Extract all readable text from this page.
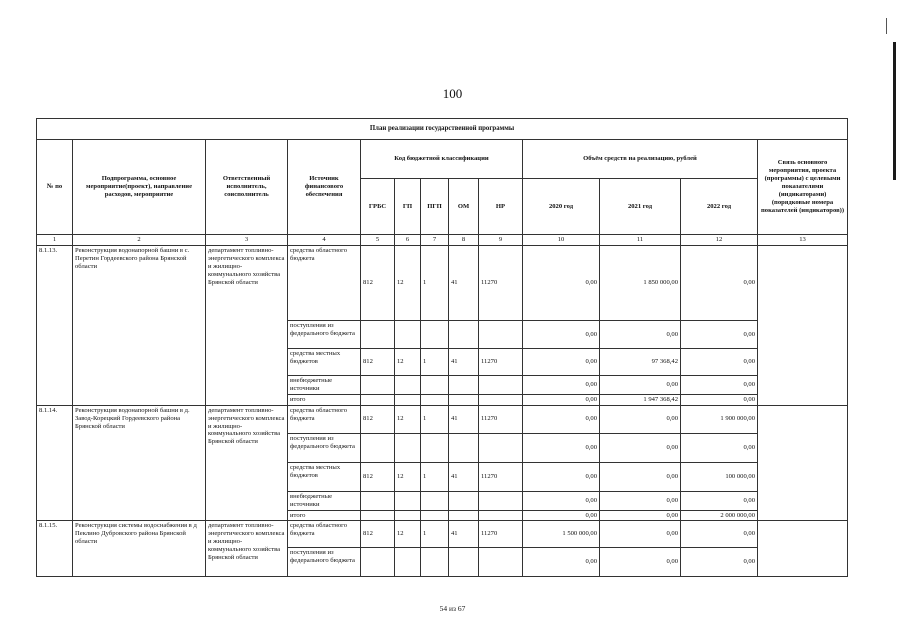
100
План реализации государственной программы												
№ по	Подпрограмма, основное мероприятие(проект), направление расходов, мероприятие	Ответственный исполнитель, соисполнитель	Источник финансового обеспечения	Код бюджетной классификации					Объём средств на реализацию, рублей			Связь основного мероприятия, проекта (программы) с целевыми показателями (индикаторами) (порядковые номера показателей (индикаторов))
				ГРБС	ГП	ПГП	ОМ	НР	2020 год	2021 год	2022 год	
1	2	3	4	5	6	7	8	9	10	11	12	13
8.1.13.	Реконструкция водонапорной башни в с. Перетин Гордеевского района Брянской области	департамент топливно-энергетического комплекса и жилищно-коммунального хозяйства Брянской области	средства областного бюджета	812	12	1	41	11270	0,00	1 850 000,00	0,00	
			поступления из федерального бюджета						0,00	0,00	0,00	
			средства местных бюджетов	812	12	1	41	11270	0,00	97 368,42	0,00	
			внебюджетные источники						0,00	0,00	0,00	
			итого						0,00	1 947 368,42	0,00	
8.1.14.	Реконструкция водонапорной башни в д. Завод-Корецкий Гордеевского района Брянской области	департамент топливно-энергетического комплекса и жилищно-коммунального хозяйства Брянской области	средства областного бюджета	812	12	1	41	11270	0,00	0,00	1 900 000,00	
			поступления из федерального бюджета						0,00	0,00	0,00	
			средства местных бюджетов	812	12	1	41	11270	0,00	0,00	100 000,00	
			внебюджетные источники						0,00	0,00	0,00	
			итого						0,00	0,00	2 000 000,00	
8.1.15.	Реконструкция системы водоснабжения в д Пеклино Дубровского района Брянской области	департамент топливно-энергетического комплекса и жилищно-коммунального хозяйства Брянской области	средства областного бюджета	812	12	1	41	11270	1 500 000,00	0,00	0,00	
			поступления из федерального бюджета						0,00	0,00	0,00	
54 из 67
